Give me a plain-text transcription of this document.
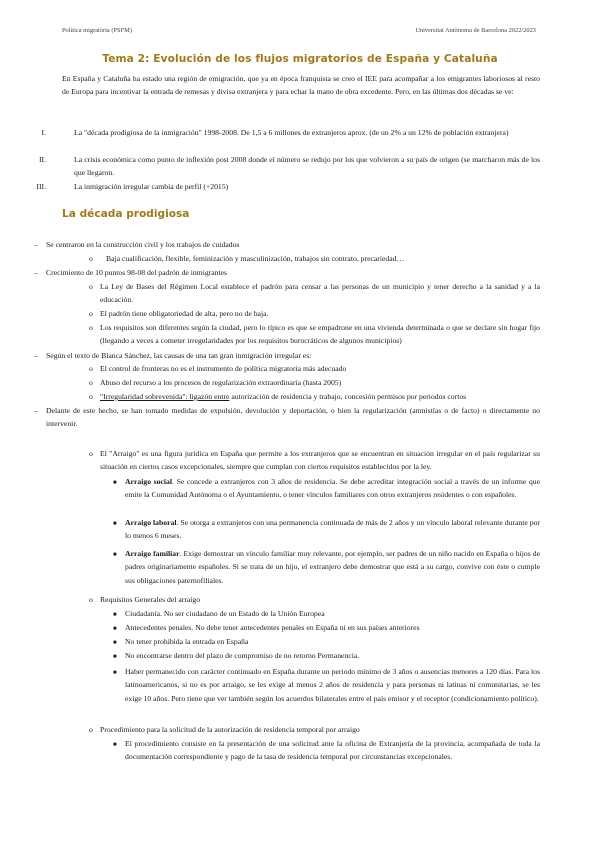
Política migratòria (PSFM)	Universitat Autònoma de Barcelona 2022/2023
Tema 2: Evolución de los flujos migratorios de España y Cataluña
En España y Cataluña ha estado una región de emigración, que ya en época franquista se creo el IEE para acompañar a los emigrantes laboriosos al resto de Europa para incentivar la entrada de remesas y divisa extranjera y para echar la mano de obra excedente. Pero, en las últimas dos décadas se ve:
I.	La "década prodigiosa de la inmigración" 1998-2008. De 1,5 a 6 millones de extranjeros aprox. (de un 2% a un 12% de población extranjera)
II.	La crisis económica como punto de inflexión post 2008 donde el número se redujo por los que volvieron a su país de origen (se marcharon más de los que llegaron.
III.	La inmigración irregular cambia de perfil (+2015)
La década prodigiosa
– Se centraron en la construcción civil y los trabajos de cuidados
o Baja cualificación, flexible, feminización y masculinización, trabajos sin contrato, precariedad…
– Crecimiento de 10 puntos 98-08 del padrón de inmigrantes
o La Ley de Bases del Régimen Local establece el padrón para censar a las personas de un municipio y tener derecho a la sanidad y a la educación.
o El padrón tiene obligatoriedad de alta, pero no de baja.
o Los requisitos son diferentes según la ciudad, pero lo típico es que se empadrone en una vivienda determinada o que se declare sin hogar fijo (llegando a veces a cometer irregularidades por los requisitos burocráticos de algunos municipios)
– Según el texto de Blanca Sánchez, las causas de una tan gran inmigración irregular es:
o El control de fronteras no es el instrumento de política migratoria más adecuado
o Abuso del recurso a los procesos de regularización extraordinaria (hasta 2005)
o "Irregularidad sobrevenida": ligazón entre autorización de residencia y trabajo, concesión permisos por periodos cortos
– Delante de este hecho, se han tomado medidas de expulsión, devolución y deportación, o bien la regularización (amnistías o de facto) o directamente no intervenir.
o El "Arraigo" es una figura jurídica en España que permite a los extranjeros que se encuentran en situación irregular en el país regularizar su situación en ciertos casos excepcionales, siempre que cumplan con ciertos requisitos establecidos por la ley.
■ Arraigo social. Se concede a extranjeros con 3 años de residencia. Se debe acreditar integración social a través de un informe que emite la Comunidad Autónoma o el Ayuntamiento, o tener vínculos familiares con otros extranjeros residentes o con españoles.
■ Arraigo laboral. Se otorga a extranjeros con una permanencia continuada de más de 2 años y un vínculo laboral relevante durante por lo menos 6 meses.
■ Arraigo familiar. Exige demostrar un vínculo familiar muy relevante, por ejemplo, ser padres de un niño nacido en España o hijos de padres originariamente españoles. Si se trata de un hijo, el extranjero debe demostrar que está a su cargo, convive con éste o cumple sus obligaciones paternofiliales.
o Requisitos Generales del arraigo
■ Ciudadanía. No ser ciudadano de un Estado de la Unión Europea
■ Antecedentes penales. No debe tener antecedentes penales en España ni en sus países anteriores
■ No tener prohibida la entrada en España
■ No encontrarse dentro del plazo de compromiso de no retorno Permanencia.
■ Haber permanecido con carácter continuado en España durante un periodo mínimo de 3 años o ausencias menores a 120 días. Para los latinoamericanos, si no es por arraigo, se les exige al menos 2 años de residencia y para personas ni latinas ni comunitarias, se les exige 10 años. Pero tiene que ver también según los acuerdos bilaterales entre el país emisor y el receptor (condicionamiento político).
o Procedimiento para la solicitud de la autorización de residencia temporal por arraigo
■ El procedimiento consiste en la presentación de una solicitud ante la oficina de Extranjería de la provincia, acompañada de toda la documentación correspondiente y pago de la tasa de residencia temporal por circunstancias excepcionales.
